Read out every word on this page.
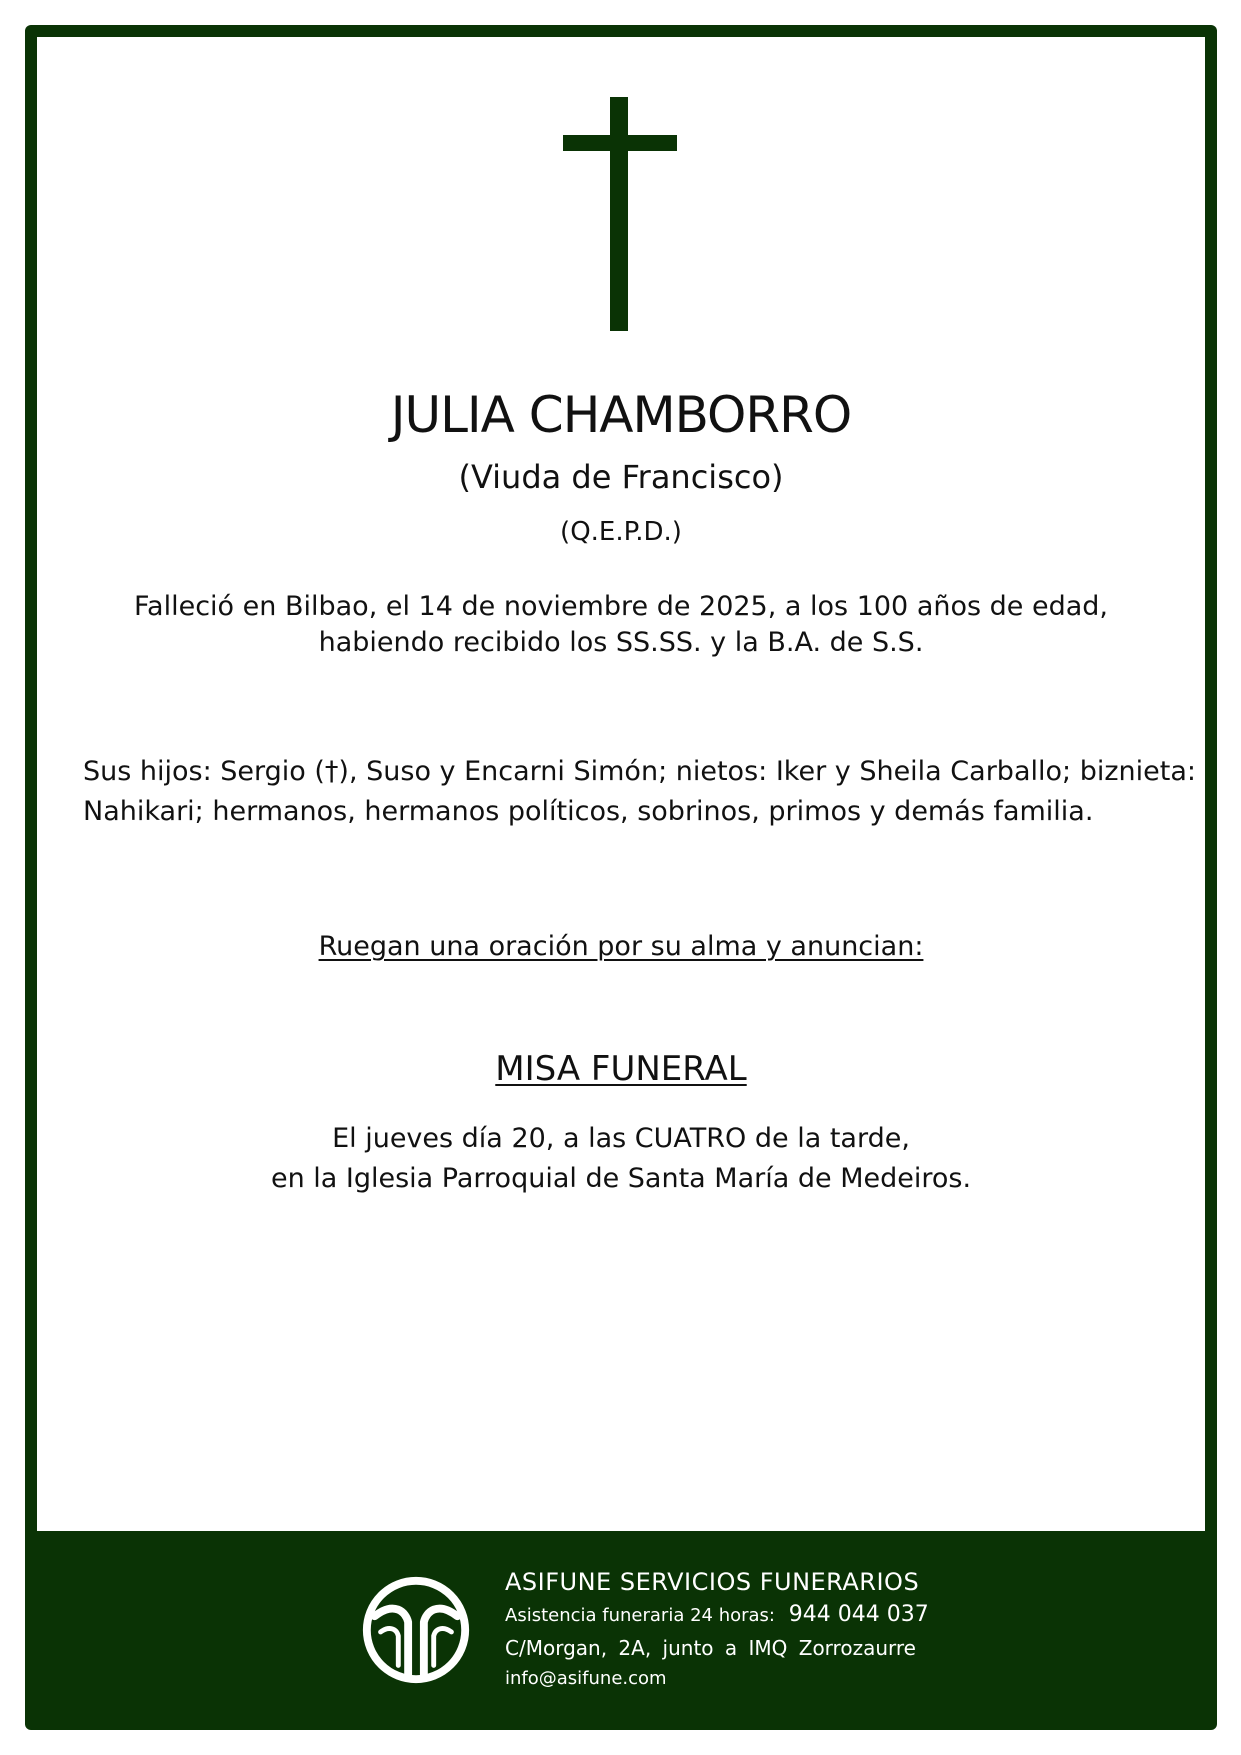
JULIA CHAMBORRO
(Viuda de Francisco)
(Q.E.P.D.)
Falleció en Bilbao, el 14 de noviembre de 2025, a los 100 años de edad,
habiendo recibido los SS.SS. y la B.A. de S.S.
Sus hijos: Sergio (†), Suso y Encarni Simón; nietos: Iker y Sheila Carballo; biznieta:
Nahikari; hermanos, hermanos políticos, sobrinos, primos y demás familia.
Ruegan una oración por su alma y anuncian:
MISA FUNERAL
El jueves día 20, a las CUATRO de la tarde,
en la Iglesia Parroquial de Santa María de Medeiros.
ASIFUNE SERVICIOS FUNERARIOS
Asistencia funeraria 24 horas: 944 044 037
C/Morgan, 2A, junto a IMQ Zorrozaurre
info@asifune.com
